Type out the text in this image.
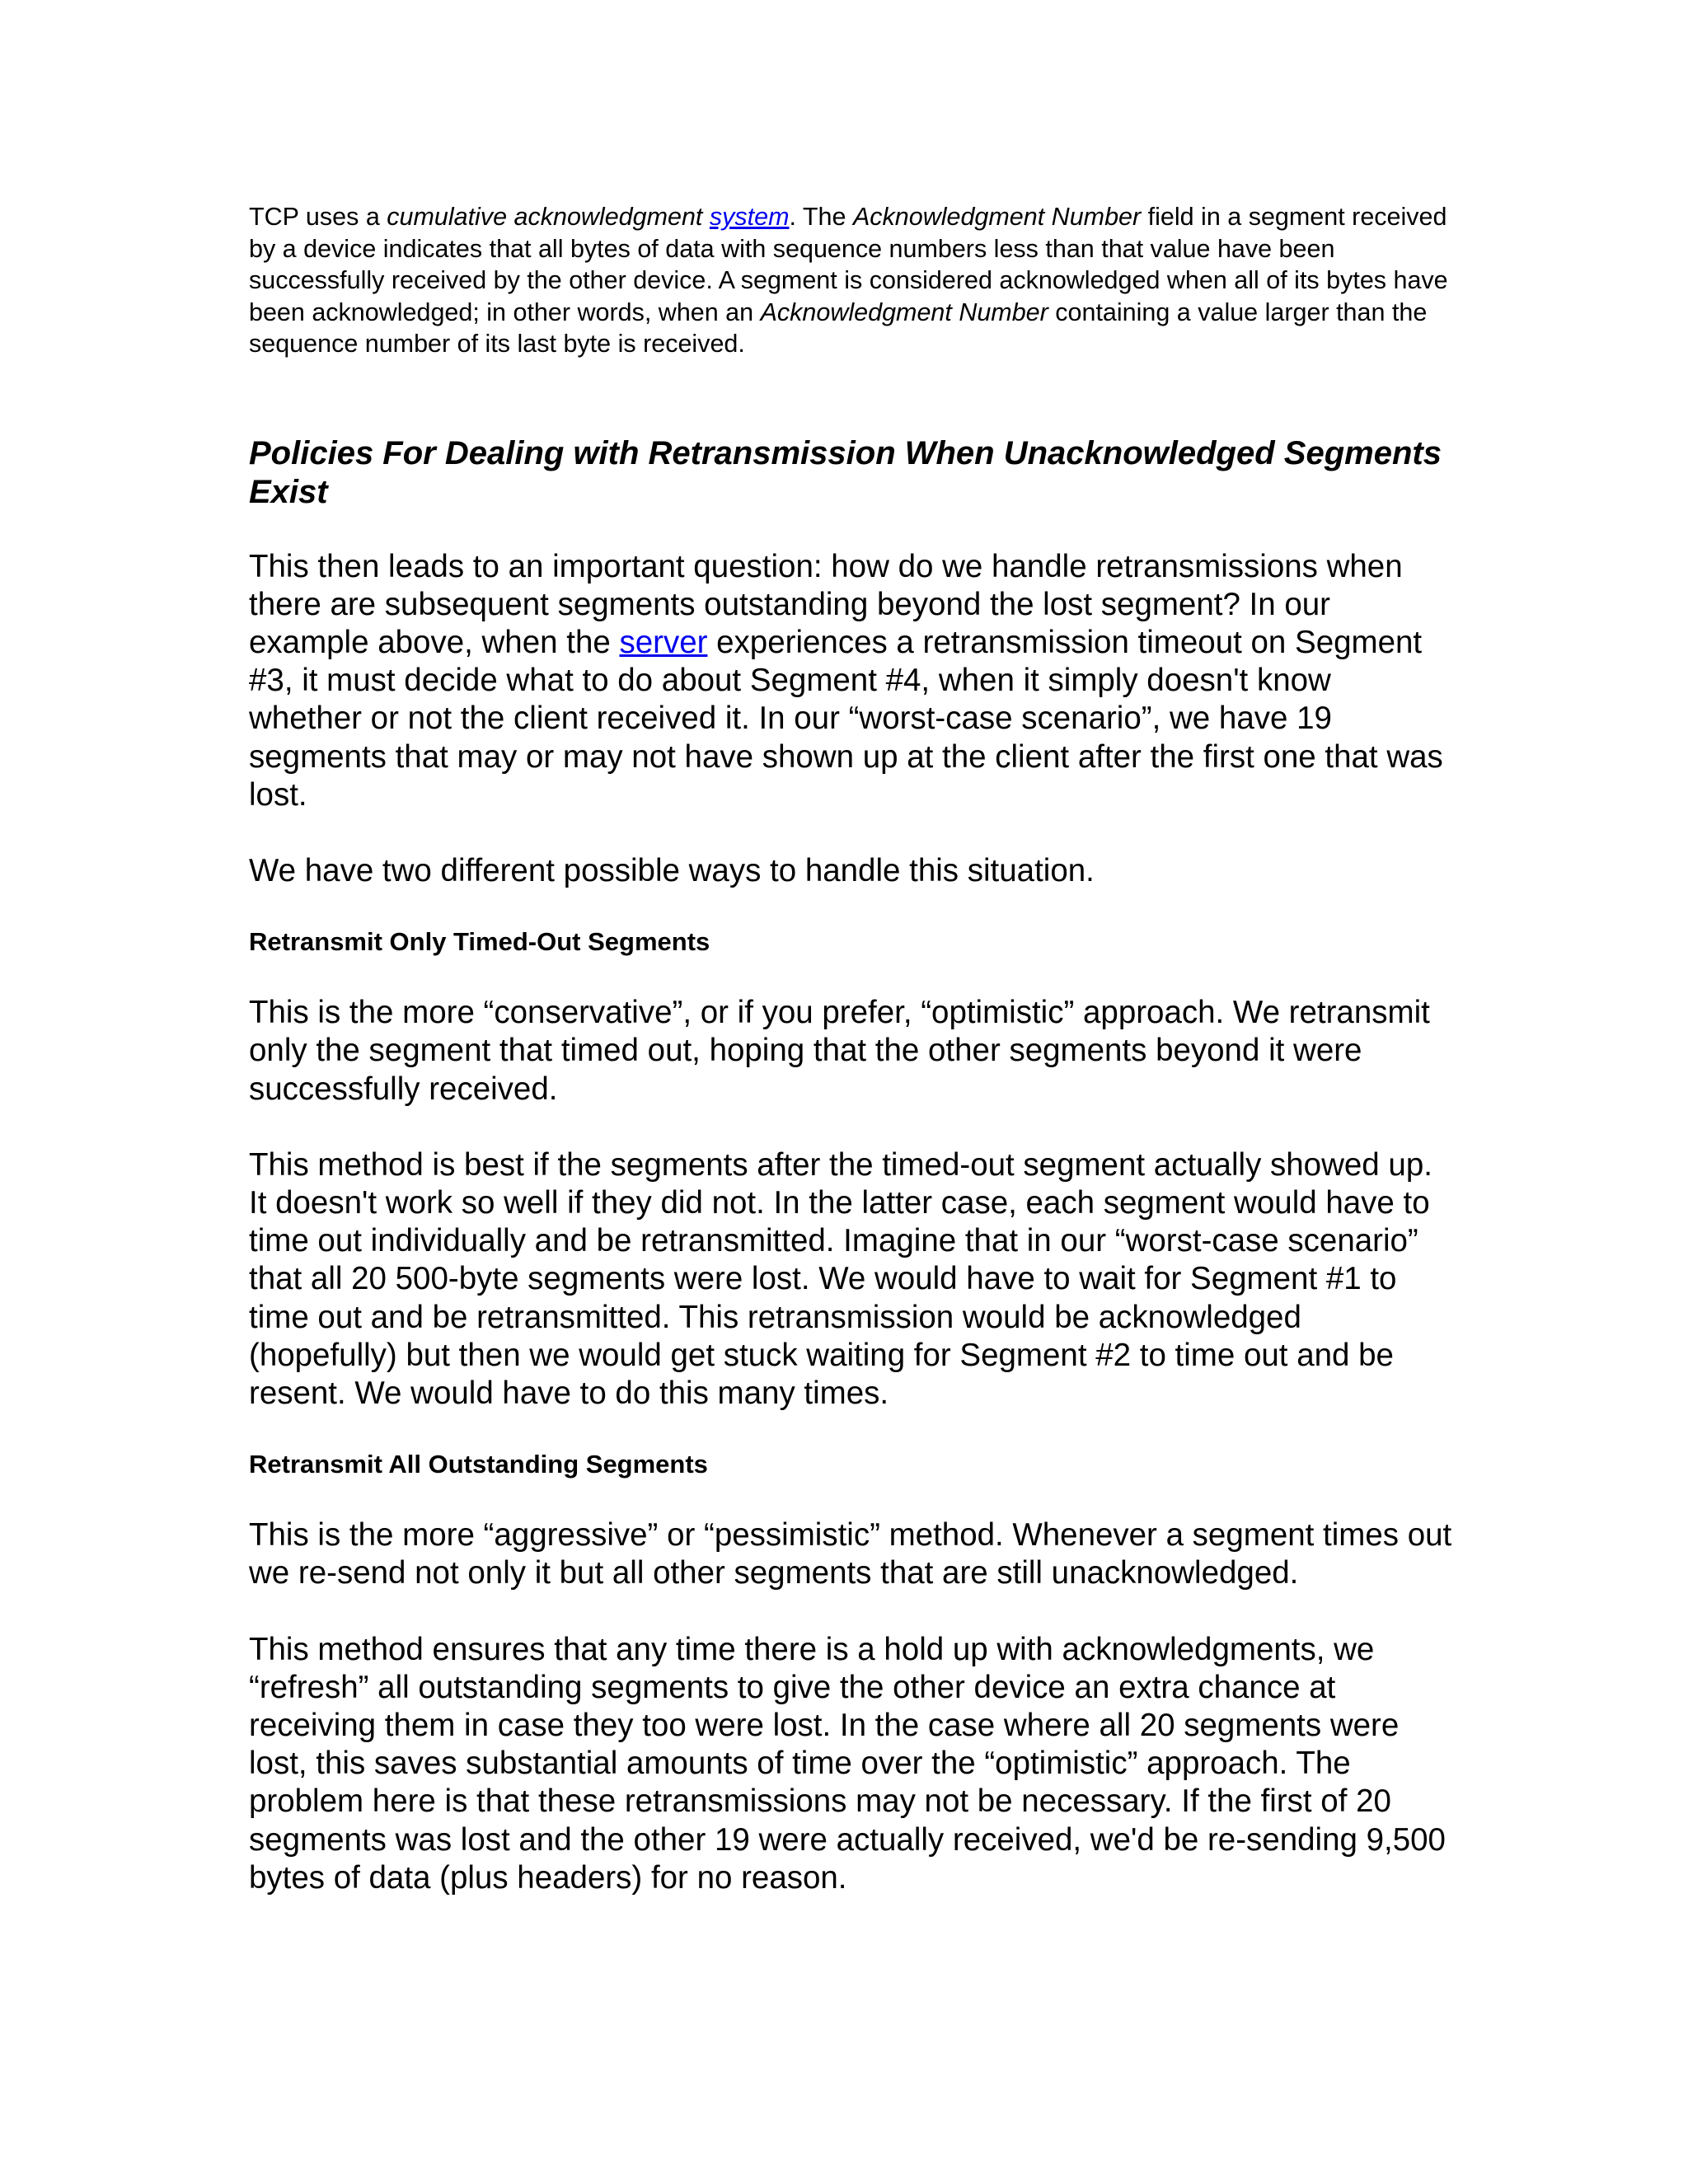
TCP uses a cumulative acknowledgment system. The Acknowledgment Number field in a segment received by a device indicates that all bytes of data with sequence numbers less than that value have been successfully received by the other device. A segment is considered acknowledged when all of its bytes have been acknowledged; in other words, when an Acknowledgment Number containing a value larger than the sequence number of its last byte is received.

Policies For Dealing with Retransmission When Unacknowledged Segments Exist

This then leads to an important question: how do we handle retransmissions when there are subsequent segments outstanding beyond the lost segment? In our example above, when the server experiences a retransmission timeout on Segment #3, it must decide what to do about Segment #4, when it simply doesn't know whether or not the client received it. In our “worst-case scenario”, we have 19 segments that may or may not have shown up at the client after the first one that was lost.

We have two different possible ways to handle this situation.

Retransmit Only Timed-Out Segments

This is the more “conservative”, or if you prefer, “optimistic” approach. We retransmit only the segment that timed out, hoping that the other segments beyond it were successfully received.

This method is best if the segments after the timed-out segment actually showed up. It doesn't work so well if they did not. In the latter case, each segment would have to time out individually and be retransmitted. Imagine that in our “worst-case scenario” that all 20 500-byte segments were lost. We would have to wait for Segment #1 to time out and be retransmitted. This retransmission would be acknowledged (hopefully) but then we would get stuck waiting for Segment #2 to time out and be resent. We would have to do this many times.

Retransmit All Outstanding Segments

This is the more “aggressive” or “pessimistic” method. Whenever a segment times out we re-send not only it but all other segments that are still unacknowledged.

This method ensures that any time there is a hold up with acknowledgments, we “refresh” all outstanding segments to give the other device an extra chance at receiving them in case they too were lost. In the case where all 20 segments were lost, this saves substantial amounts of time over the “optimistic” approach. The problem here is that these retransmissions may not be necessary. If the first of 20 segments was lost and the other 19 were actually received, we'd be re-sending 9,500 bytes of data (plus headers) for no reason.
